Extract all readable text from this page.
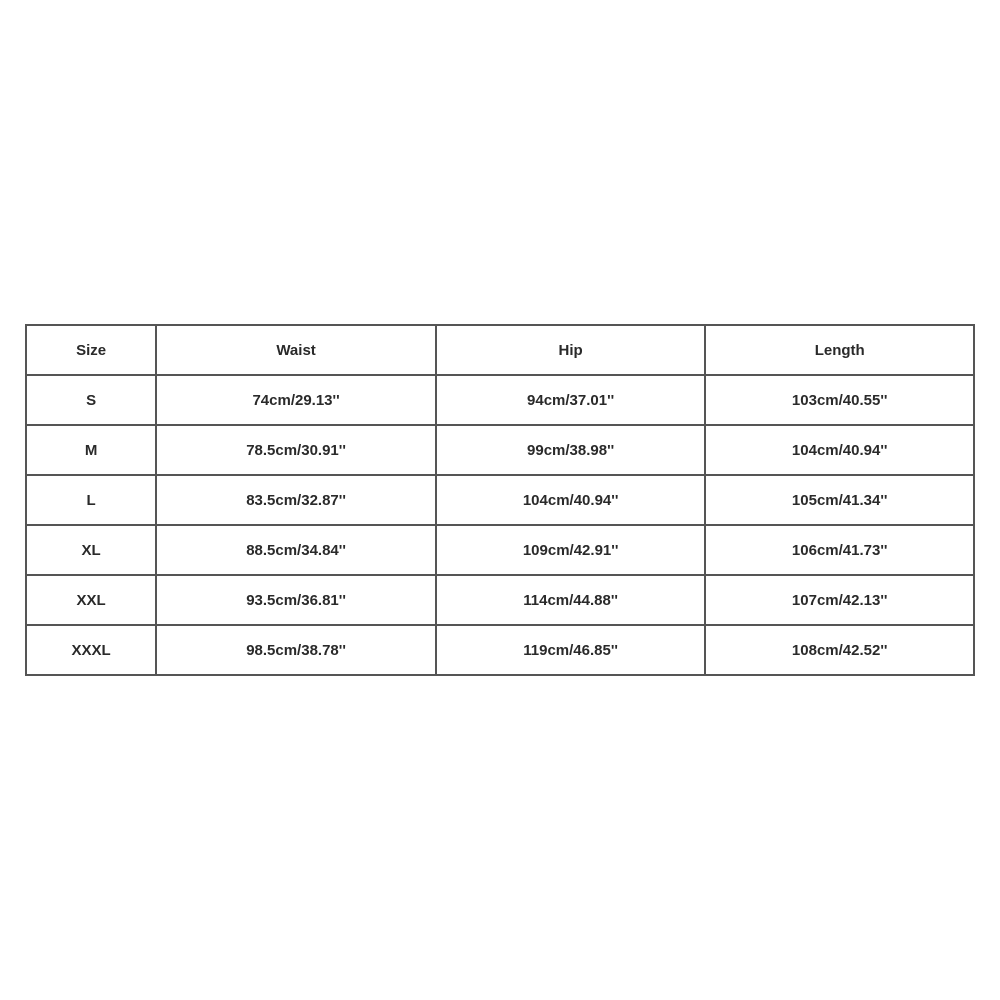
Size	Waist	Hip	Length
S	74cm/29.13''	94cm/37.01''	103cm/40.55''
M	78.5cm/30.91''	99cm/38.98''	104cm/40.94''
L	83.5cm/32.87''	104cm/40.94''	105cm/41.34''
XL	88.5cm/34.84''	109cm/42.91''	106cm/41.73''
XXL	93.5cm/36.81''	114cm/44.88''	107cm/42.13''
XXXL	98.5cm/38.78''	119cm/46.85''	108cm/42.52''
